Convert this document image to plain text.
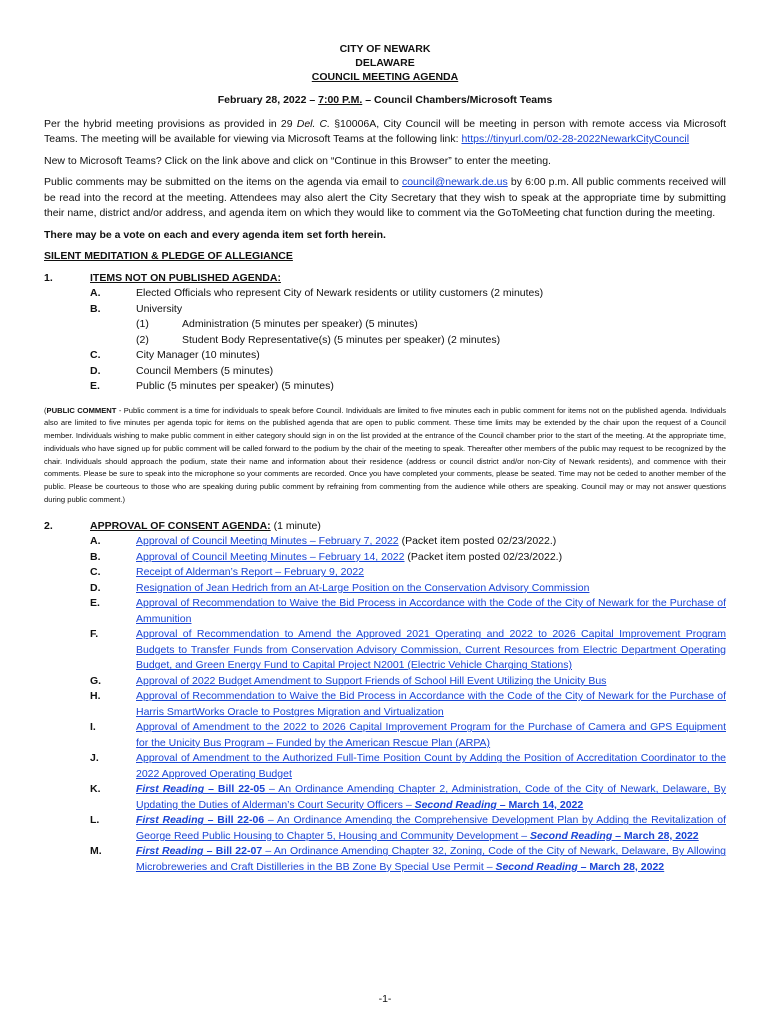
CITY OF NEWARK
DELAWARE
COUNCIL MEETING AGENDA
February 28, 2022 – 7:00 P.M. – Council Chambers/Microsoft Teams

Per the hybrid meeting provisions as provided in 29 Del. C. §10006A, City Council will be meeting in person with remote access via Microsoft Teams. The meeting will be available for viewing via Microsoft Teams at the following link: https://tinyurl.com/02-28-2022NewarkCityCouncil

New to Microsoft Teams? Click on the link above and click on “Continue in this Browser” to enter the meeting.

Public comments may be submitted on the items on the agenda via email to council@newark.de.us by 6:00 p.m. All public comments received will be read into the record at the meeting. Attendees may also alert the City Secretary that they wish to speak at the appropriate time by submitting their name, district and/or address, and agenda item on which they would like to comment via the GoToMeeting chat function during the meeting.

There may be a vote on each and every agenda item set forth herein.

SILENT MEDITATION & PLEDGE OF ALLEGIANCE
1.	ITEMS NOT ON PUBLISHED AGENDA:
A.	Elected Officials who represent City of Newark residents or utility customers (2 minutes)
B.	University
(1)	Administration (5 minutes per speaker) (5 minutes)
(2)	Student Body Representative(s) (5 minutes per speaker) (2 minutes)
C.	City Manager (10 minutes)
D.	Council Members (5 minutes)
E.	Public (5 minutes per speaker) (5 minutes)
(PUBLIC COMMENT - Public comment is a time for individuals to speak before Council. Individuals are limited to five minutes each in public comment for items not on the published agenda. Individuals also are limited to five minutes per agenda topic for items on the published agenda that are open to public comment. These time limits may be extended by the chair upon the request of a Council member. Individuals wishing to make public comment in either category should sign in on the list provided at the entrance of the Council chamber prior to the start of the meeting. At the appropriate time, individuals who have signed up for public comment will be called forward to the podium by the chair of the meeting to speak. Thereafter other members of the public may request to be recognized by the chair. Individuals should approach the podium, state their name and information about their residence (address or council district and/or non-City of Newark residents), and commence with their comments. Please be sure to speak into the microphone so your comments are recorded. Once you have completed your comments, please be seated. Time may not be ceded to another member of the public. Please be courteous to those who are speaking during public comment by refraining from commenting from the audience while others are speaking. Council may or may not answer questions during public comment.)
2.	APPROVAL OF CONSENT AGENDA: (1 minute)
A.	Approval of Council Meeting Minutes – February 7, 2022 (Packet item posted 02/23/2022.)
B.	Approval of Council Meeting Minutes – February 14, 2022 (Packet item posted 02/23/2022.)
C.	Receipt of Alderman’s Report – February 9, 2022
D.	Resignation of Jean Hedrich from an At-Large Position on the Conservation Advisory Commission
E.	Approval of Recommendation to Waive the Bid Process in Accordance with the Code of the City of Newark for the Purchase of Ammunition
F.	Approval of Recommendation to Amend the Approved 2021 Operating and 2022 to 2026 Capital Improvement Program Budgets to Transfer Funds from Conservation Advisory Commission, Current Resources from Electric Department Operating Budget, and Green Energy Fund to Capital Project N2001 (Electric Vehicle Charging Stations)
G.	Approval of 2022 Budget Amendment to Support Friends of School Hill Event Utilizing the Unicity Bus
H.	Approval of Recommendation to Waive the Bid Process in Accordance with the Code of the City of Newark for the Purchase of Harris SmartWorks Oracle to Postgres Migration and Virtualization
I.	Approval of Amendment to the 2022 to 2026 Capital Improvement Program for the Purchase of Camera and GPS Equipment for the Unicity Bus Program – Funded by the American Rescue Plan (ARPA)
J.	Approval of Amendment to the Authorized Full-Time Position Count by Adding the Position of Accreditation Coordinator to the 2022 Approved Operating Budget
K.	First Reading – Bill 22-05 – An Ordinance Amending Chapter 2, Administration, Code of the City of Newark, Delaware, By Updating the Duties of Alderman’s Court Security Officers – Second Reading – March 14, 2022
L.	First Reading – Bill 22-06 – An Ordinance Amending the Comprehensive Development Plan by Adding the Revitalization of George Reed Public Housing to Chapter 5, Housing and Community Development – Second Reading – March 28, 2022
M.	First Reading – Bill 22-07 – An Ordinance Amending Chapter 32, Zoning, Code of the City of Newark, Delaware, By Allowing Microbreweries and Craft Distilleries in the BB Zone By Special Use Permit – Second Reading – March 28, 2022
-1-
